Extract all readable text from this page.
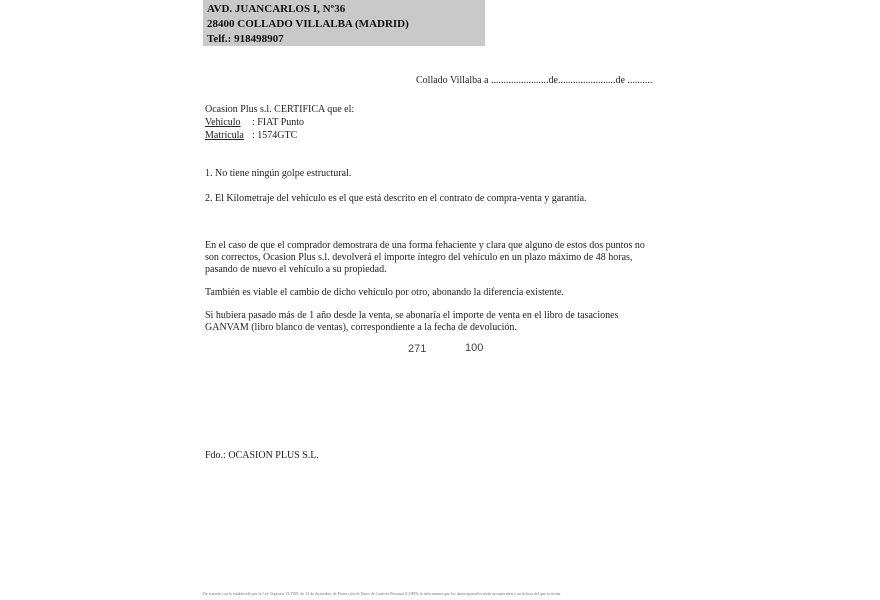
AVD. JUANCARLOS I, Nº36
28400 COLLADO VILLALBA (MADRID)
Telf.: 918498907
Collado Villalba a .......................de.......................de ..........
Ocasion Plus s.l. CERTIFICA que el:
Vehículo : FIAT Punto
Matrícula : 1574GTC
1. No tiene ningún golpe estructural.
2. El Kilometraje del vehículo es el que está descrito en el contrato de compra-venta y garantía.
En el caso de que el comprador demostrara de una forma fehaciente y clara que alguno de estos dos puntos no
son correctos, Ocasion Plus s.l. devolverá el importe íntegro del vehículo en un plazo máximo de 48 horas,
pasando de nuevo el vehículo a su propiedad.
También es viable el cambio de dicho vehículo por otro, abonando la diferencia existente.
Si hubiera pasado más de 1 año desde la venta, se abonaría el importe de venta en el libro de tasaciones
GANVAM (libro blanco de ventas), correspondiente a la fecha de devolución.
271	100
Fdo.: OCASION PLUS S.L.
De acuerdo con lo establecido por la Ley Orgánica 15/1999, de 13 de diciembre, de Protección de Datos de Carácter Personal (LOPD), le informamos que los datos aportados serán incorporados a un fichero del que es titular
